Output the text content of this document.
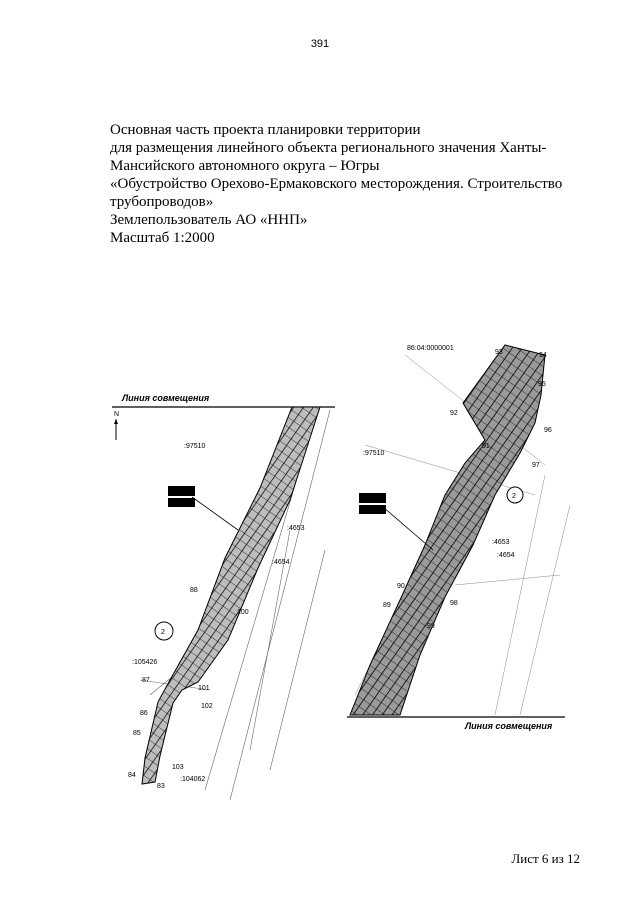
391
Основная часть проекта планировки территории
для размещения линейного объекта регионального значения Ханты-
Мансийского автономного округа – Югры
«Обустройство Орехово-Ермаковского месторождения. Строительство
трубопроводов»
Землепользователь АО «ННП»
Масштаб 1:2000
Линия совмещения
N
:97510
:4653
:4654
:105426
:104062
83
84
85
86
87
88
100
101
102
103
2
Линия совмещения
86:04:0000001
:97510
:4653
:4654
89
90
91
92
93	94
95
96
97
98
99
2
Лист 6 из 12
